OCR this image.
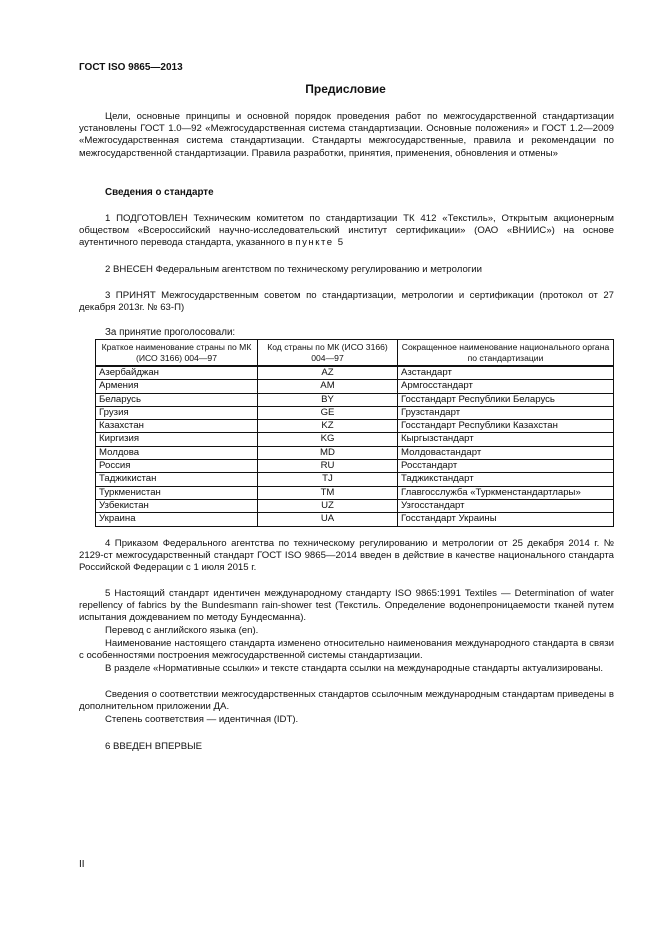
ГОСТ ISO 9865—2013
Предисловие

Цели, основные принципы и основной порядок проведения работ по межгосударственной стандартизации установлены ГОСТ 1.0—92 «Межгосударственная система стандартизации. Основные положения» и ГОСТ 1.2—2009 «Межгосударственная система стандартизации. Стандарты межгосударственные, правила и рекомендации по межгосударственной стандартизации. Правила разработки, принятия, применения, обновления и отмены»

Сведения о стандарте

1 ПОДГОТОВЛЕН Техническим комитетом по стандартизации ТК 412 «Текстиль», Открытым акционерным обществом «Всероссийский научно-исследовательский институт сертификации» (ОАО «ВНИИС») на основе аутентичного перевода стандарта, указанного в пункте 5

2 ВНЕСЕН Федеральным агентством по техническому регулированию и метрологии

3 ПРИНЯТ Межгосударственным советом по стандартизации, метрологии и сертификации (протокол от 27 декабря 2013г. № 63-П)

За принятие проголосовали:
Краткое наименование страны по МК (ИСО 3166) 004—97	Код страны по МК (ИСО 3166) 004—97	Сокращенное наименование национального органа по стандартизации
Азербайджан	AZ	Азстандарт
Армения	AM	Армгосстандарт
Беларусь	BY	Госстандарт Республики Беларусь
Грузия	GE	Грузстандарт
Казахстан	KZ	Госстандарт Республики Казахстан
Киргизия	KG	Кыргызстандарт
Молдова	MD	Молдовастандарт
Россия	RU	Росстандарт
Таджикистан	TJ	Таджикстандарт
Туркменистан	TM	Главгосслужба «Туркменстандартлары»
Узбекистан	UZ	Узгосстандарт
Украина	UA	Госстандарт Украины

4 Приказом Федерального агентства по техническому регулированию и метрологии от 25 декабря 2014 г. № 2129-ст межгосударственный стандарт ГОСТ ISO 9865—2014 введен в действие в качестве национального стандарта Российской Федерации с 1 июля 2015 г.

5 Настоящий стандарт идентичен международному стандарту ISO 9865:1991 Textiles — Determination of water repellency of fabrics by the Bundesmann rain-shower test (Текстиль. Определение водонепроницаемости тканей путем испытания дождеванием по методу Бундесманна).

Перевод с английского языка (en).

Наименование настоящего стандарта изменено относительно наименования международного стандарта в связи с особенностями построения межгосударственной системы стандартизации.

В разделе «Нормативные ссылки» и тексте стандарта ссылки на международные стандарты актуализированы.

Сведения о соответствии межгосударственных стандартов ссылочным международным стандартам приведены в дополнительном приложении ДА.

Степень соответствия — идентичная (IDT).

6 ВВЕДЕН ВПЕРВЫЕ

II
